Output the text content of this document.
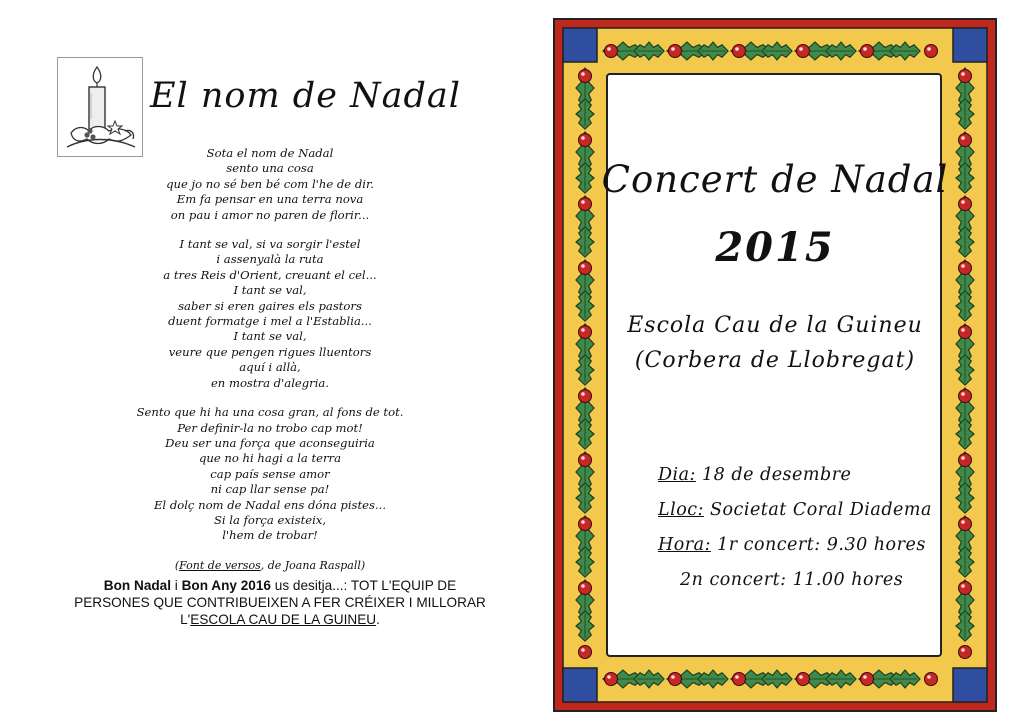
El nom de Nadal
Sota el nom de Nadal
sento una cosa
que jo no sé ben bé com l'he de dir.
Em fa pensar en una terra nova
on pau i amor no paren de florir...
I tant se val, si va sorgir l'estel
i assenyalà la ruta
a tres Reis d'Orient, creuant el cel...
I tant se val,
saber si eren gaires els pastors
duent formatge i mel a l'Establia...
I tant se val,
veure que pengen rigues lluentors
aquí i allà,
en mostra d'alegria.
Sento que hi ha una cosa gran, al fons de tot.
Per definir-la no trobo cap mot!
Deu ser una força que aconseguiria
que no hi hagi a la terra
cap país sense amor
ni cap llar sense pa!
El dolç nom de Nadal ens dóna pistes...
Si la força existeix,
l'hem de trobar!
(Font de versos, de Joana Raspall)
Bon Nadal i Bon Any 2016 us desitja...: TOT L'EQUIP DE
PERSONES QUE CONTRIBUEIXEN A FER CRÉIXER I MILLORAR
L'ESCOLA CAU DE LA GUINEU.
Concert de Nadal
2015
Escola Cau de la Guineu
(Corbera de Llobregat)
Dia: 18 de desembre
Lloc: Societat Coral Diadema
Hora: 1r concert: 9.30 hores
2n concert: 11.00 hores
